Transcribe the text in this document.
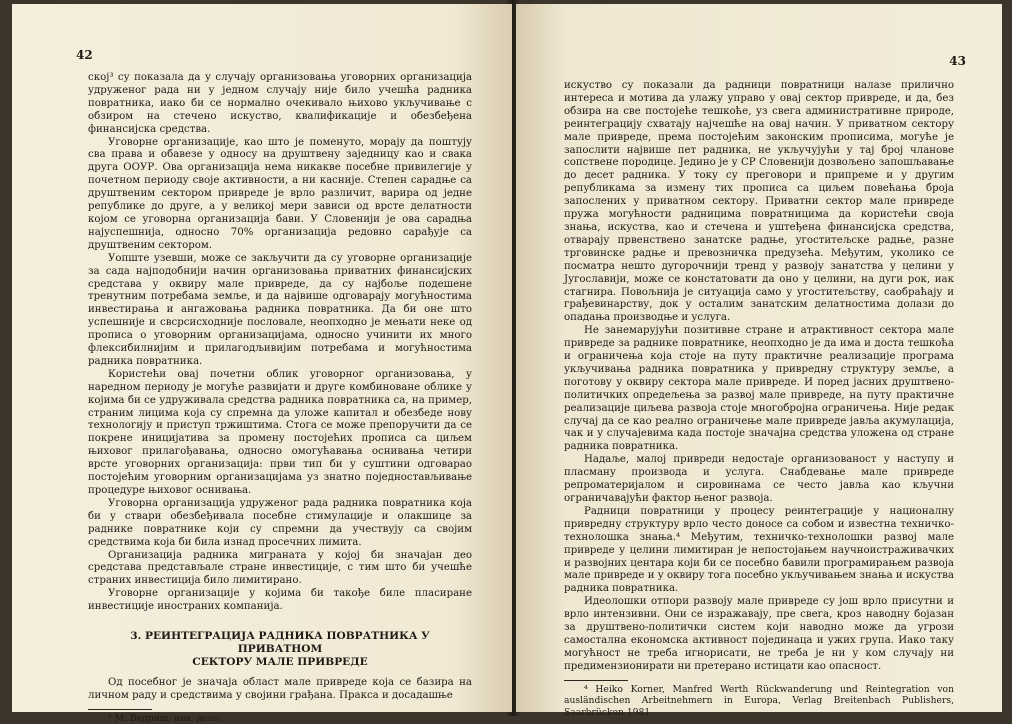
42

ској³ су показала да у случају организовања уговорних организација удруженог рада ни у једном случају није било учешћа радника повратника, иако би се нормално очекивало њихово укључивање с обзиром на стечено искуство, квалификације и обезбеђена финансијска средства.

Уговорне организације, као што је поменуто, морају да поштују сва права и обавезе у односу на друштвену заједницу као и свака друга ООУР. Ова организација нема никакве посебне привилегије у почетном периоду своје активности, а ни касније. Степен сарадње са друштвеним сектором привреде је врло различит, варира од једне републике до друге, а у великој мери зависи од врсте делатности којом се уговорна организација бави. У Словенији је ова сарадња најуспешнија, односно 70% организација редовно сарађује са друштвеним сектором.

Уопште узевши, може се закључити да су уговорне организације за сада најподобнији начин организовања приватних финансијских средстава у оквиру мале привреде, да су најбоље подешене тренутним потребама земље, и да највише одговарају могућностима инвестирања и ангажовања радника повратника. Да би оне што успешније и свсрсисходније пословале, неопходно је мењати неке од прописа о уговорним организацијама, односно учинити их много флексибилнијим и прилагодљивијим потребама и могућностима радника повратника.

Користећи овај почетни облик уговорног организовања, у наредном периоду је могуће развијати и друге комбиноване облике у којима би се удруживала средства радника повратника са, на пример, страним лицима која су спремна да уложе капитал и обезбеде нову технологију и приступ тржиштима. Стога се може препоручити да се покрене иницијатива за промену постојећих прописа са циљем њиховог прилагођавања, односно омогућавања оснивања четири врсте уговорних организација: први тип би у суштини одговарао постојећим уговорним организацијама уз знатно поједностављивање процедуре њиховог оснивања.

Уговорна организација удруженог рада радника повратника која би у ствари обезбеђивала посебне стимулације и олакшице за раднике повратнике који су спремни да учествују са својим средствима која би била изнад просечних лимита.

Организација радника миграната у којој би значајан део средстава представљале стране инвестиције, с тим што би учешће страних инвестиција било лимитирано.

Уговорне организације у којима би такође биле пласиране инвестиције иностраних компанија.

3. РЕИНТЕГРАЦИЈА РАДНИКА ПОВРАТНИКА У ПРИВАТНОМ
СЕКТОРУ МАЛЕ ПРИВРЕДЕ

Од посебног је значаја област мале привреде која се базира на личном раду и средствима у својини грађана. Пракса и досадашње

³ М. Ведриш, нав. дело.

43

искуство су показали да радници повратници налазе прилично интереса и мотива да улажу управо у овај сектор привреде, и да, без обзира на све постојеће тешкоће, уз свега административне природе, реинтеграцију схватају најчешће на овај начин. У приватном сектору мале привреде, према постојећим законским прописима, могуће је запослити највише пет радника, не укључујући у тај број чланове сопствене породице. Једино је у СР Словенији дозвољено запошљавање до десет радника. У току су преговори и припреме и у другим републикама за измену тих прописа са циљем повећања броја запослених у приватном сектору. Приватни сектор мале привреде пружа могућности радницима повратницима да користећи своја знања, искуства, као и стечена и уштеђена финансијска средства, отварају првенствено занатске радње, угоститељске радње, разне трговинске радње и превозничка предузећа. Међутим, уколико се посматра нешто дугорочнији тренд у развоју занатства у целини у Југославији, може се констатовати да оно у целини, на дуги рок, иак стагнира. Повољнија је ситуација само у угоститељству, саобраћају и грађевинарству, док у осталим занатским делатностима долази до опадања производње и услуга.

Не занемарујући позитивне стране и атрактивност сектора мале привреде за раднике повратнике, неопходно је да има и доста тешкоћа и ограничења која стоје на путу практичне реализације програма укључивања радника повратника у привредну структуру земље, а поготову у оквиру сектора мале привреде. И поред јасних друштвено-политичких опредељења за развој мале привреде, на путу практичне реализације циљева развоја стоје многобројна ограничења. Није редак случај да се као реално ограничење мале привреде јавља акумулација, чак и у случајевима када постоје значајна средства уложена од стране радника повратника.

Надаље, малој привреди недостаје организованост у наступу и пласману производа и услуга. Снабдевање мале привреде репроматеријалом и сировинама се често јавља као кључни ограничавајући фактор њеног развоја.

Радници повратници у процесу реинтеграције у националну привредну структуру врло често доносе са собом и известна техничко-технолошка знања.⁴ Међутим, техничко-технолошки развој мале привреде у целини лимитиран је непостојањем научноистраживачких и развојних центара који би се посебно бавили програмирањем развоја мале привреде и у оквиру тога посебно укључивањем знања и искуства радника повратника.

Идеолошки отпори развоју мале привреде су још врло присутни и врло интензивни. Они се изражавају, пре свега, кроз наводну бојазан за друштвено-политички систем који наводно може да угрози самостална економска активност појединаца и ужих група. Иако таку могућност не треба игнорисати, не треба је ни у ком случају ни предимензионирати ни претерано истицати као опасност.

⁴ Heiko Korner, Manfred Werth Rückwanderung und Reintegration von ausländischen Arbeitnehmern in Europa, Verlag Breitenbach Publishers, Saarbrücken 1981.
